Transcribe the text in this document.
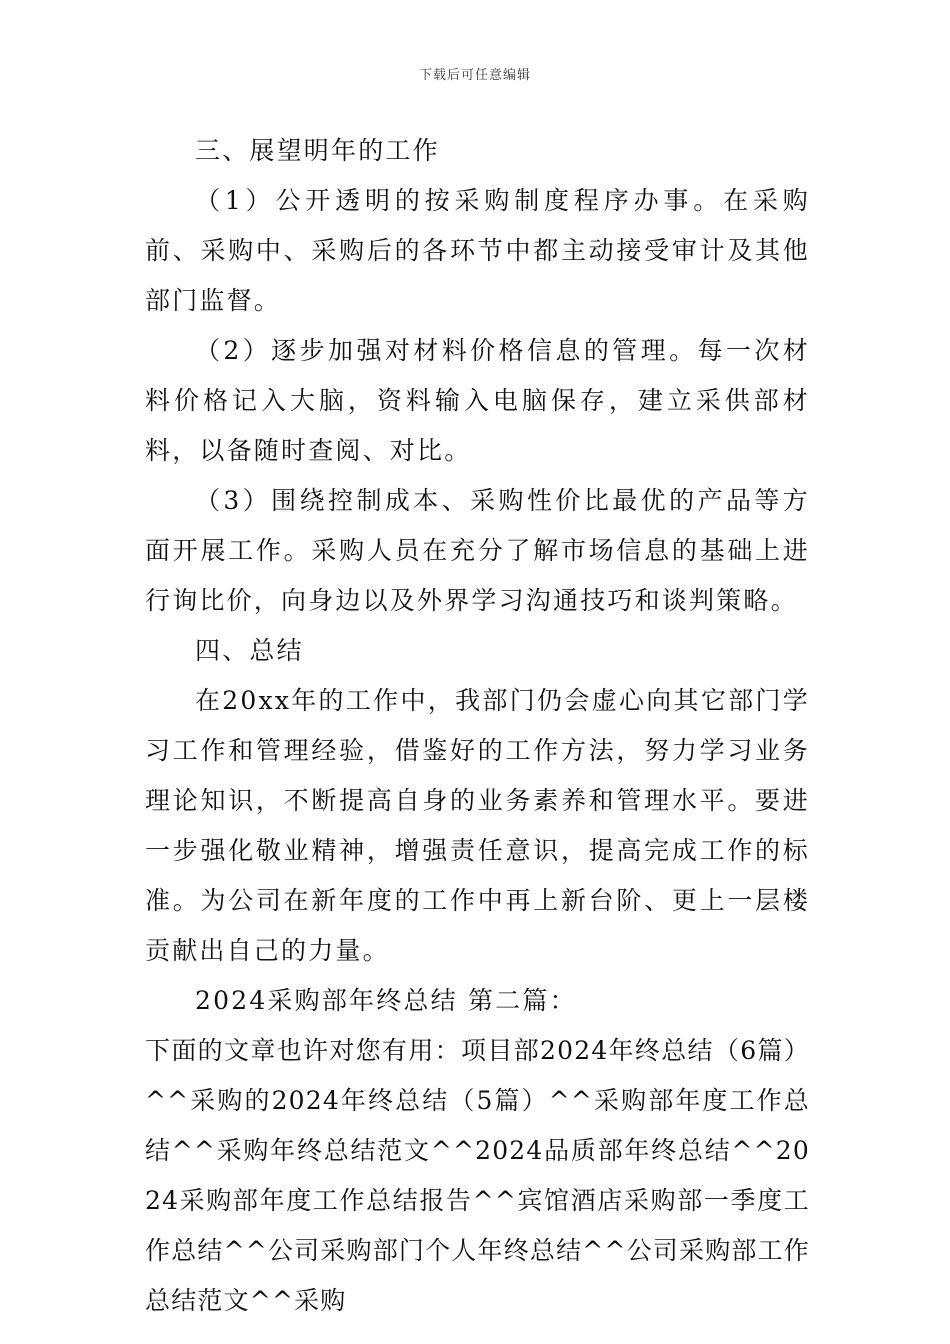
下载后可任意编辑

三、展望明年的工作

（1）公开透明的按采购制度程序办事。在采购前、采购中、采购后的各环节中都主动接受审计及其他部门监督。

（2）逐步加强对材料价格信息的管理。每一次材料价格记入大脑，资料输入电脑保存，建立采供部材料，以备随时查阅、对比。

（3）围绕控制成本、采购性价比最优的产品等方面开展工作。采购人员在充分了解市场信息的基础上进行询比价，向身边以及外界学习沟通技巧和谈判策略。

四、总结

在20xx年的工作中，我部门仍会虚心向其它部门学习工作和管理经验，借鉴好的工作方法，努力学习业务理论知识，不断提高自身的业务素养和管理水平。要进一步强化敬业精神，增强责任意识，提高完成工作的标准。为公司在新年度的工作中再上新台阶、更上一层楼贡献出自己的力量。

2024采购部年终总结 第二篇：

下面的文章也许对您有用：项目部2024年终总结（6篇）^^采购的2024年终总结（5篇）^^采购部年度工作总结^^采购年终总结范文^^2024品质部年终总结^^2024采购部年度工作总结报告^^宾馆酒店采购部一季度工作总结^^公司采购部门个人年终总结^^公司采购部工作总结范文^^采购
